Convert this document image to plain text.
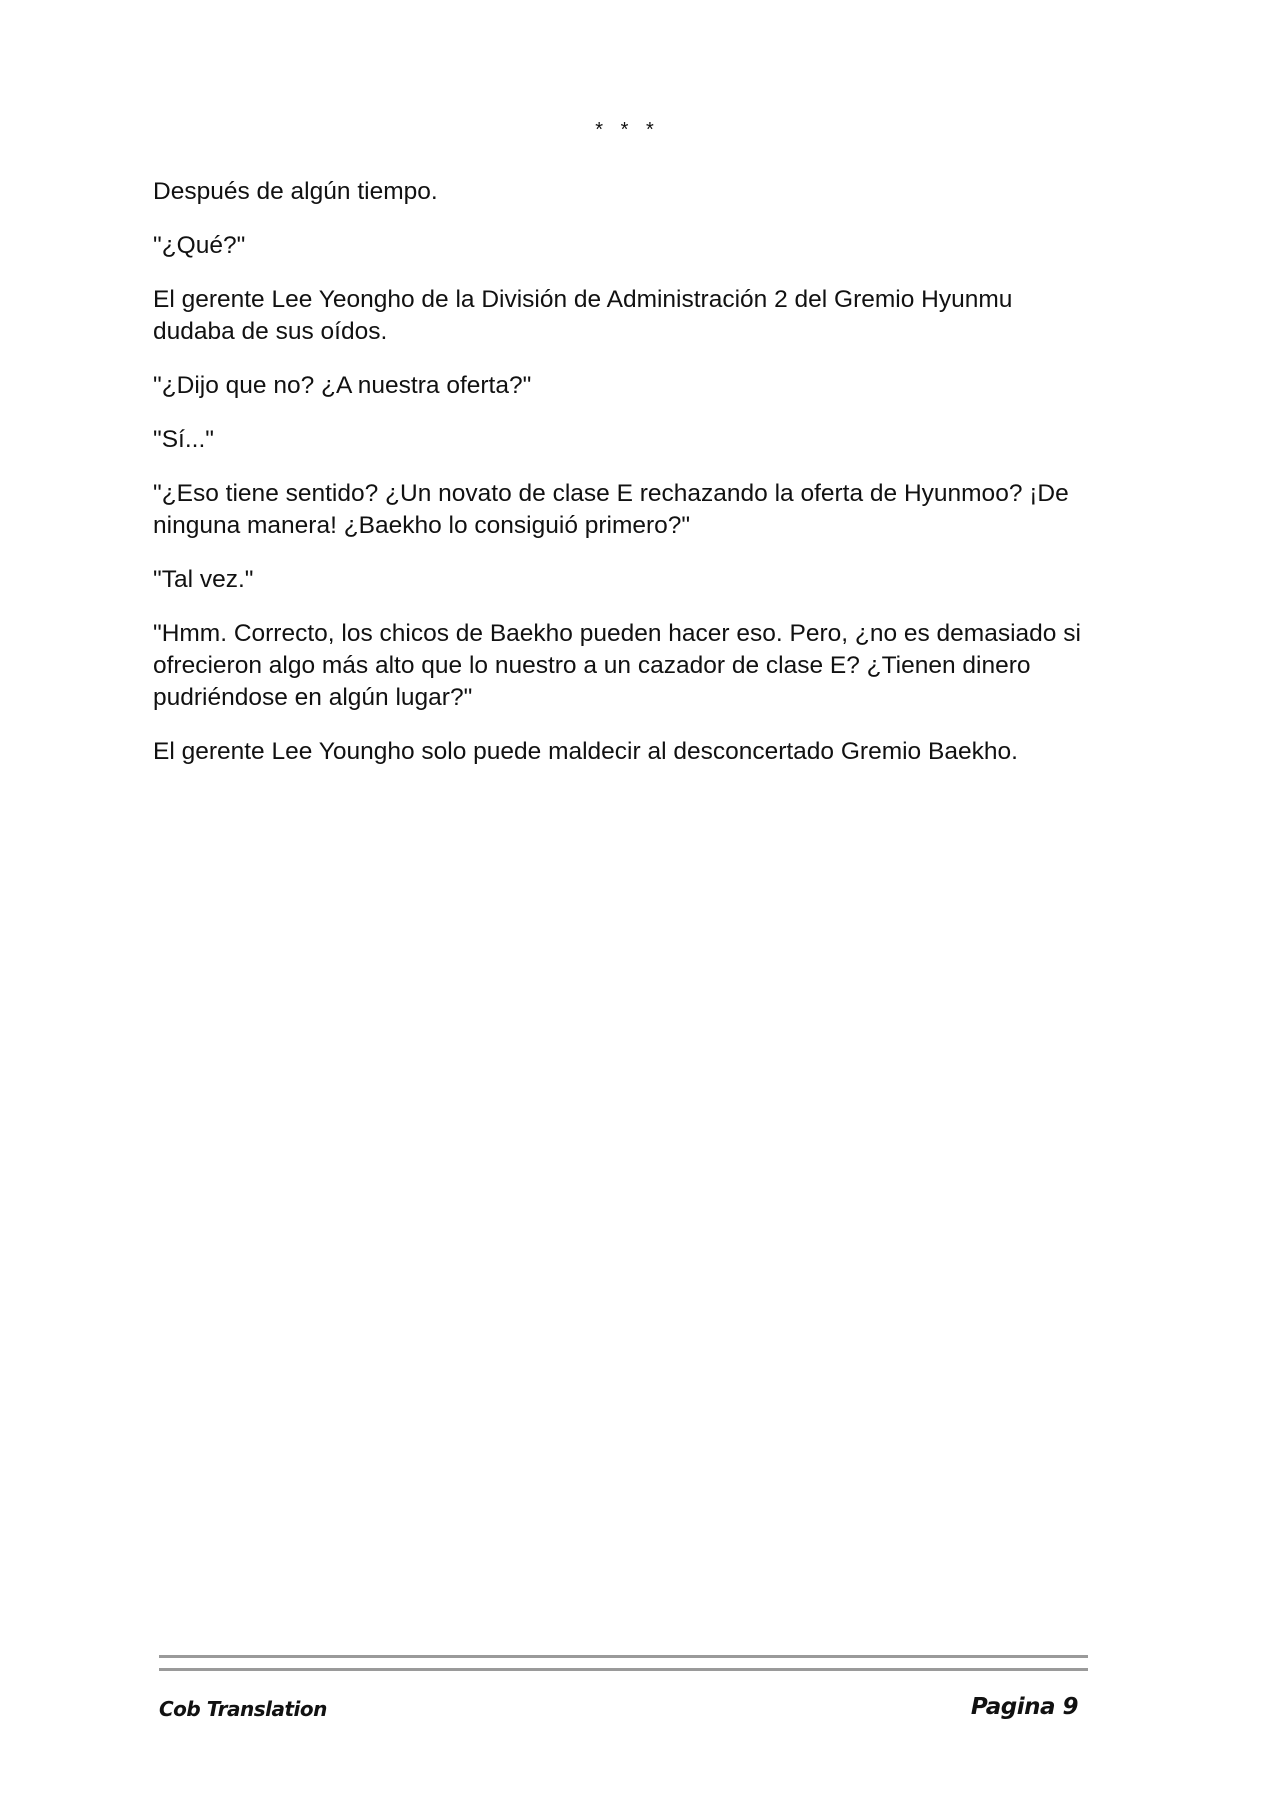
* * *

Después de algún tiempo.

"¿Qué?"

El gerente Lee Yeongho de la División de Administración 2 del Gremio Hyunmu dudaba de sus oídos.

"¿Dijo que no? ¿A nuestra oferta?"

"Sí..."

"¿Eso tiene sentido? ¿Un novato de clase E rechazando la oferta de Hyunmoo? ¡De ninguna manera! ¿Baekho lo consiguió primero?"

"Tal vez."

"Hmm. Correcto, los chicos de Baekho pueden hacer eso. Pero, ¿no es demasiado si ofrecieron algo más alto que lo nuestro a un cazador de clase E? ¿Tienen dinero pudriéndose en algún lugar?"

El gerente Lee Youngho solo puede maldecir al desconcertado Gremio Baekho.

Cob Translation	Pagina 9
